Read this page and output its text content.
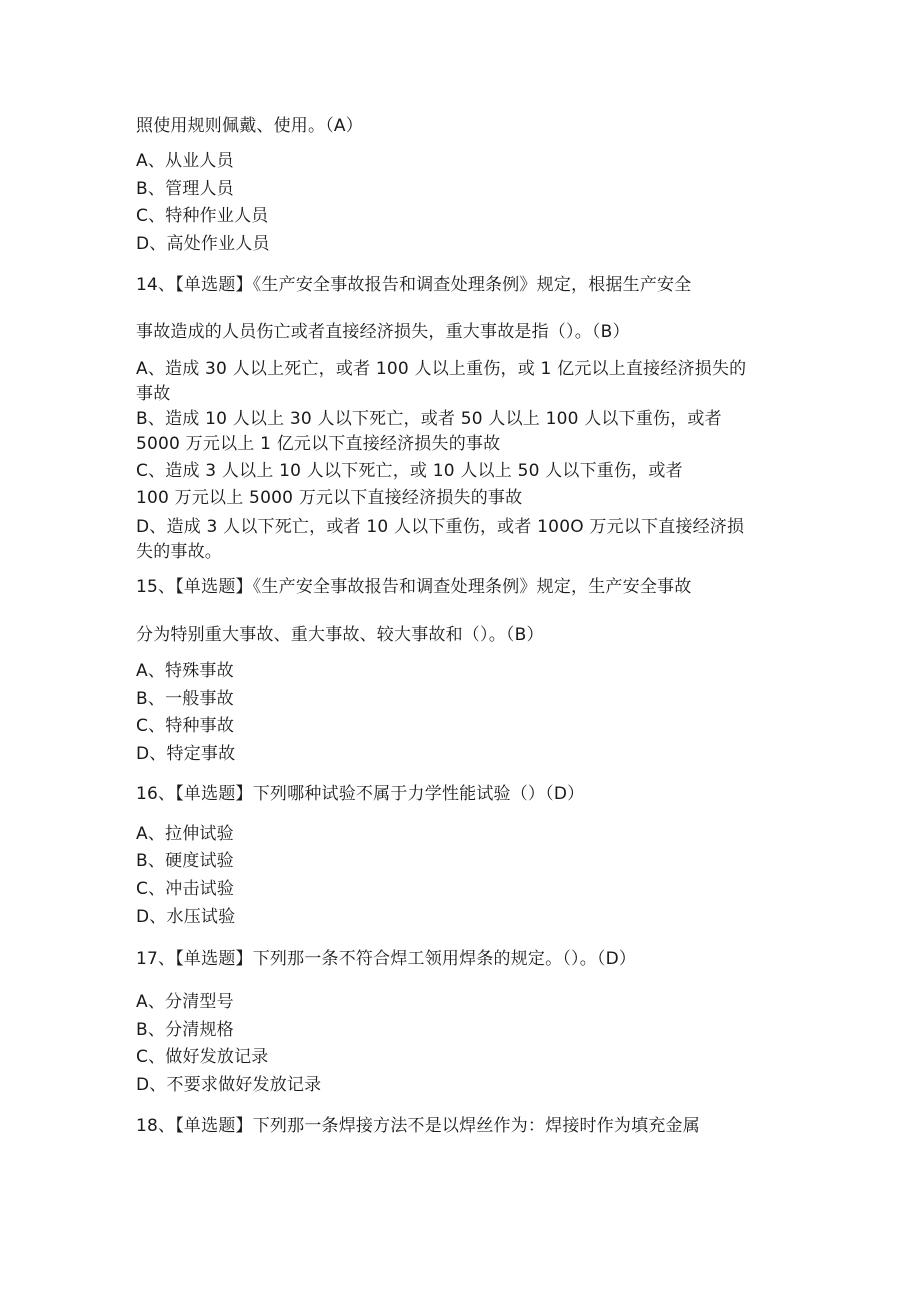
照使用规则佩戴、使用。（A）
A、从业人员
B、管理人员
C、特种作业人员
D、高处作业人员
14、【单选题】《生产安全事故报告和调查处理条例》规定，根据生产安全
事故造成的人员伤亡或者直接经济损失，重大事故是指（）。（B）
A、造成 30 人以上死亡，或者 100 人以上重伤，或 1 亿元以上直接经济损失的
事故
B、造成 10 人以上 30 人以下死亡，或者 50 人以上 100 人以下重伤，或者
5000 万元以上 1 亿元以下直接经济损失的事故
C、造成 3 人以上 10 人以下死亡，或 10 人以上 50 人以下重伤，或者
100 万元以上 5000 万元以下直接经济损失的事故
D、造成 3 人以下死亡，或者 10 人以下重伤，或者 100O 万元以下直接经济损
失的事故。
15、【单选题】《生产安全事故报告和调查处理条例》规定，生产安全事故
分为特别重大事故、重大事故、较大事故和（）。（B）
A、特殊事故
B、一般事故
C、特种事故
D、特定事故
16、【单选题】下列哪种试验不属于力学性能试验（）（D）
A、拉伸试验
B、硬度试验
C、冲击试验
D、水压试验
17、【单选题】下列那一条不符合焊工领用焊条的规定。（）。（D）
A、分清型号
B、分清规格
C、做好发放记录
D、不要求做好发放记录
18、【单选题】下列那一条焊接方法不是以焊丝作为：焊接时作为填充金属
